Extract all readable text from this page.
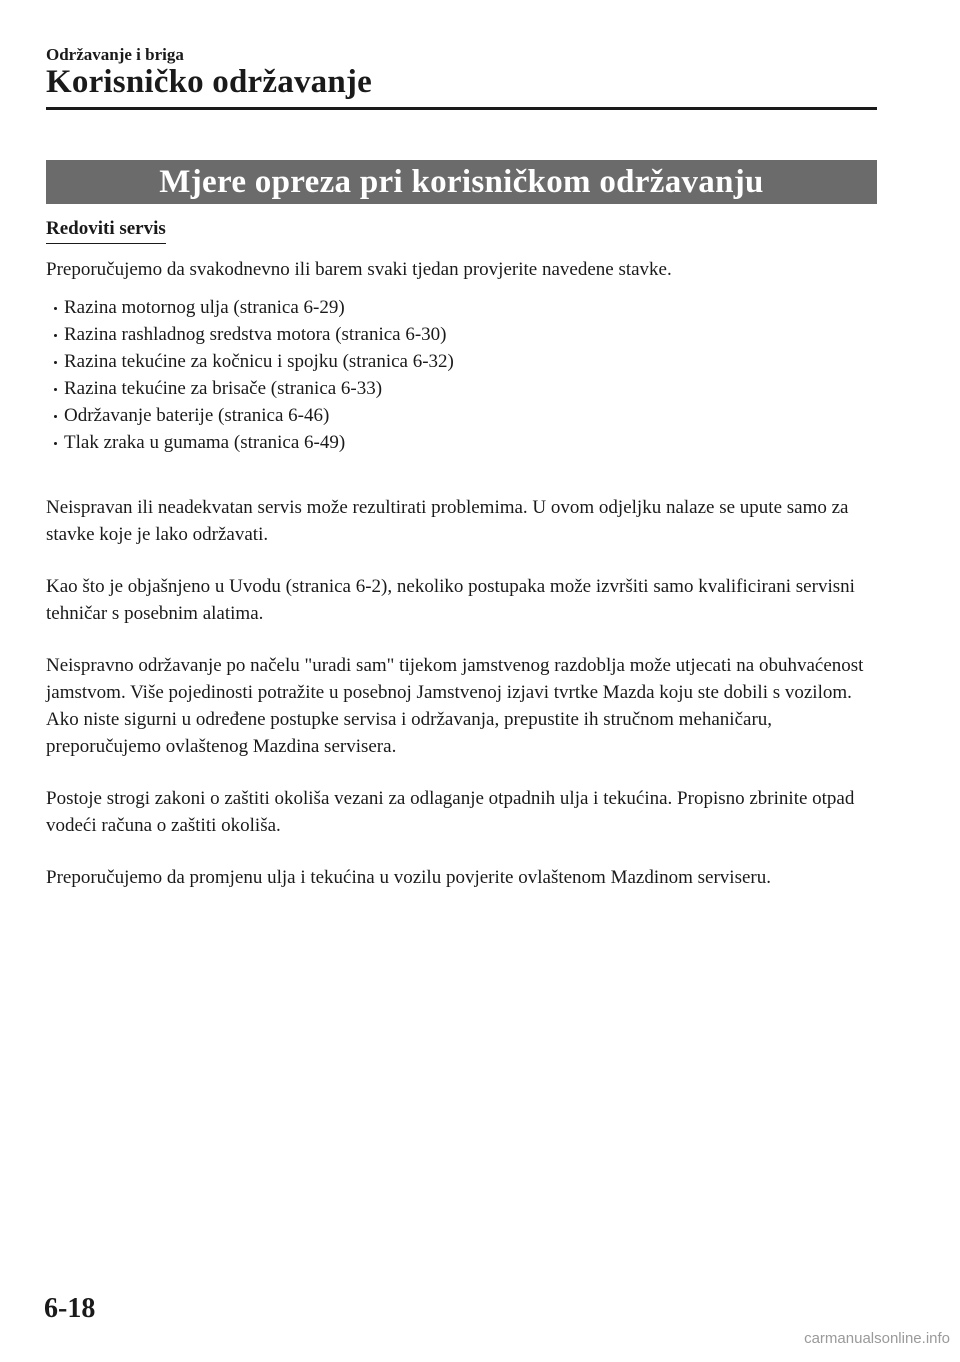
Održavanje i briga

Korisničko održavanje
Mjere opreza pri korisničkom održavanju
Redoviti servis

Preporučujemo da svakodnevno ili barem svaki tjedan provjerite navedene stavke.

Razina motornog ulja (stranica 6-29)
Razina rashladnog sredstva motora (stranica 6-30)
Razina tekućine za kočnicu i spojku (stranica 6-32)
Razina tekućine za brisače (stranica 6-33)
Održavanje baterije (stranica 6-46)
Tlak zraka u gumama (stranica 6-49)

Neispravan ili neadekvatan servis može rezultirati problemima. U ovom odjeljku nalaze se upute samo za stavke koje je lako održavati.

Kao što je objašnjeno u Uvodu (stranica 6-2), nekoliko postupaka može izvršiti samo kvalificirani servisni tehničar s posebnim alatima.

Neispravno održavanje po načelu "uradi sam" tijekom jamstvenog razdoblja može utjecati na obuhvaćenost jamstvom. Više pojedinosti potražite u posebnoj Jamstvenoj izjavi tvrtke Mazda koju ste dobili s vozilom. Ako niste sigurni u određene postupke servisa i održavanja, prepustite ih stručnom mehaničaru, preporučujemo ovlaštenog Mazdina servisera.

Postoje strogi zakoni o zaštiti okoliša vezani za odlaganje otpadnih ulja i tekućina. Propisno zbrinite otpad vodeći računa o zaštiti okoliša.

Preporučujemo da promjenu ulja i tekućina u vozilu povjerite ovlaštenom Mazdinom serviseru.

6-18

carmanualsonline.info
